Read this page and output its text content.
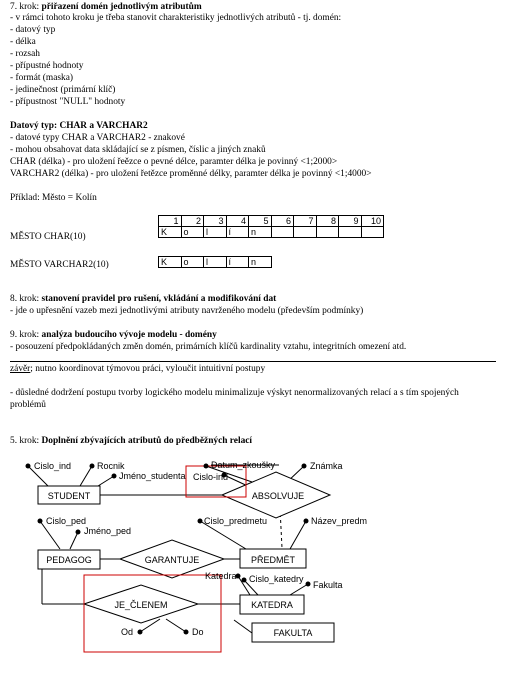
7. krok: přiřazení domén jednotlivým atributům
- v rámci tohoto kroku je třeba stanovit charakteristiky jednotlivých atributů - tj. domén:
- datový typ
- délka
- rozsah
- přípustné hodnoty
- formát (maska)
- jedinečnost (primární klíč)
- přípustnost "NULL" hodnoty
Datový typ: CHAR a VARCHAR2
- datové typy CHAR a VARCHAR2 - znakové
- mohou obsahovat data skládající se z písmen, číslic a jiných znaků
CHAR (délka) - pro uložení řeězce o pevné délce, paramter délka je povinný <1;2000>
VARCHAR2 (délka) - pro uložení řetězce proměnné délky, paramter délka je povinný <1;4000>
Příklad: Město = Kolín
1	2	3	4	5	6	7	8	9	10
K	o	l	í	n					
MĚSTO CHAR(10)
K	o	l	í	n
MĚSTO VARCHAR2(10)
8. krok: stanovení pravidel pro rušení, vkládání a modifikování dat
- jde o upřesnění vazeb mezi jednotlivými atributy navrženého modelu (především podmínky)
9. krok: analýza budoucího vývoje modelu - domény
- posouzení předpokládaných změn domén, primárních klíčů kardinality vztahu, integritních omezení atd.
závěr; nutno koordinovat týmovou práci, vyloučit intuitivní postupy
- důsledné dodržení postupu tvorby logického modelu minimalizuje výskyt nenormalizovaných relací a s tím spojených
problémů
5. krok: Doplnění zbývajících atributů do předběžných relací
STUDENT
PŘEDMĚT
PEDAGOG
KATEDRA
FAKULTA
ABSOLVUJE
GARANTUJE
JE_ČLENEM
Cislo_ind	Rocnik
Jméno_studenta
Datum_zkoušky	Známka
Cislo-ind
Cislo_ped
Jméno_ped
Cislo_predmetu	Název_predm
Katedra Cislo_katedry
Fakulta
Od	Do
